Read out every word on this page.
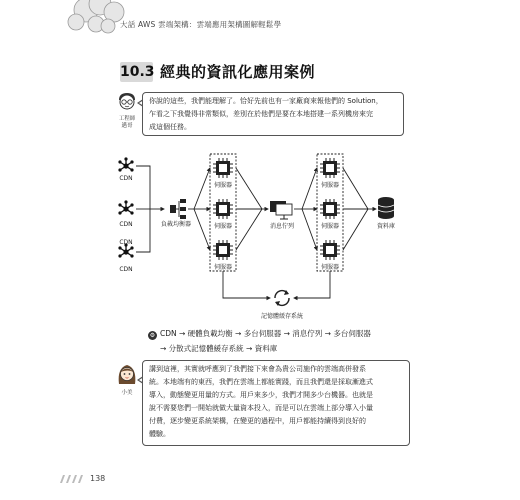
大話 AWS 雲端架構：雲端應用架構圖解輕鬆學
10.3 經典的資訊化應用案例
工程師
邁哥
你說的這些，我們能理解了。恰好先前也有一家廠商來報他們的 Solution，
乍看之下我覺得非常類似，差別在於他們是要在本地搭建一系列機房來完
成這個任務。
CDN
CDN
CDN
CDN
負載均衡器
伺服器
伺服器
伺服器
消息佇列
伺服器
伺服器
伺服器
資料庫
記憶體緩存系統
⚙ CDN → 硬體負載均衡 → 多台伺服器 → 消息佇列 → 多台伺服器
→ 分散式記憶體緩存系統 → 資料庫
小美
講到這裡，其實就呼應到了我們接下來會為貴公司施作的雲端高併發系
統。本地端有的東西，我們在雲端上都能實踐，而且我們還是採取漸進式
導入，動態變更用量的方式。用戶來多少，我們才開多少台機器。也就是
說不需要您們一開始就做大量資本投入，而是可以在雲端上部分導入小量
付費，逐步變更系統架構，在變更的過程中，用戶都能持續得到良好的
體驗。
138
